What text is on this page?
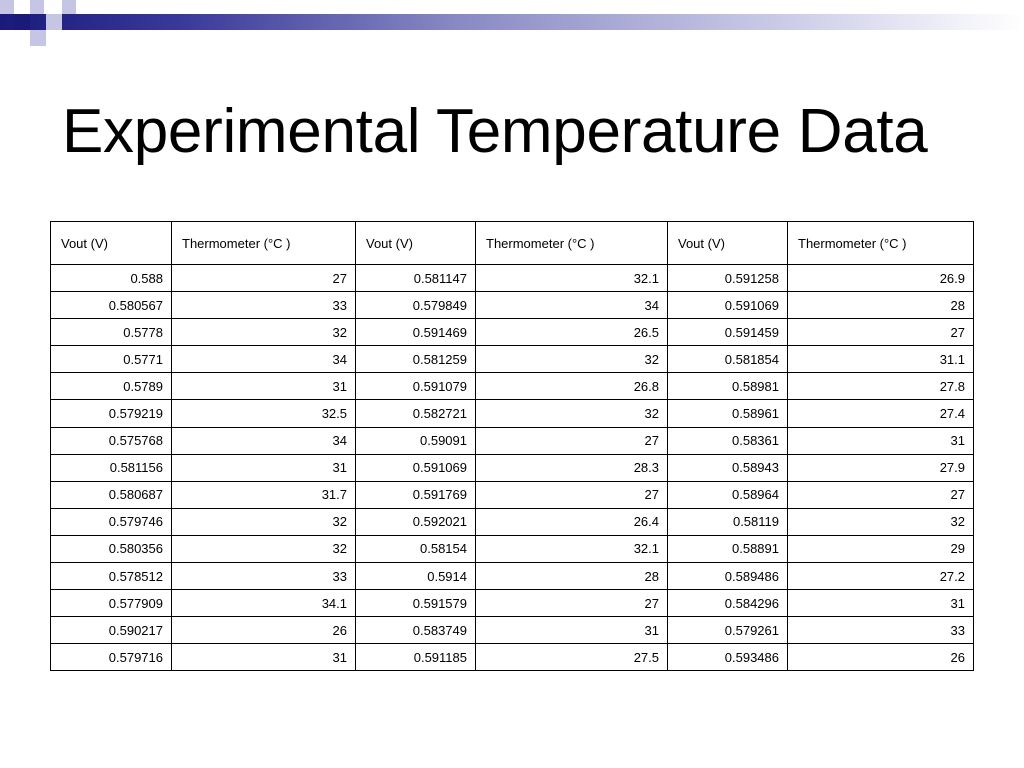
Experimental Temperature Data
Vout (V)	Thermometer (°C )	Vout (V)	Thermometer (°C )	Vout (V)	Thermometer (°C )
0.588	27	0.581147	32.1	0.591258	26.9
0.580567	33	0.579849	34	0.591069	28
0.5778	32	0.591469	26.5	0.591459	27
0.5771	34	0.581259	32	0.581854	31.1
0.5789	31	0.591079	26.8	0.58981	27.8
0.579219	32.5	0.582721	32	0.58961	27.4
0.575768	34	0.59091	27	0.58361	31
0.581156	31	0.591069	28.3	0.58943	27.9
0.580687	31.7	0.591769	27	0.58964	27
0.579746	32	0.592021	26.4	0.58119	32
0.580356	32	0.58154	32.1	0.58891	29
0.578512	33	0.5914	28	0.589486	27.2
0.577909	34.1	0.591579	27	0.584296	31
0.590217	26	0.583749	31	0.579261	33
0.579716	31	0.591185	27.5	0.593486	26
